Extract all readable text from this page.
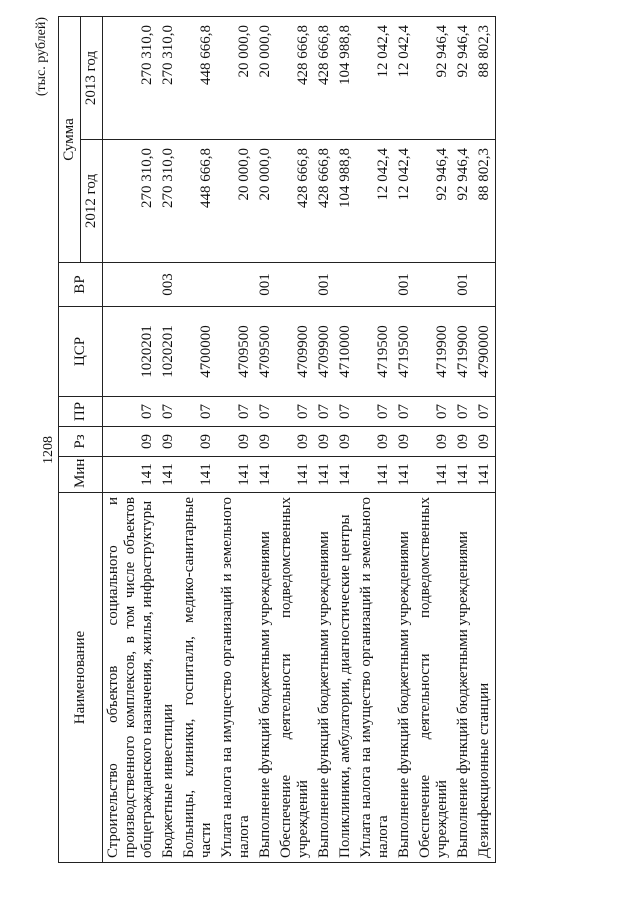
1208
(тыс. рублей)
Наименование	Мин	Рз	ПР	ЦСР	ВР	Сумма	
						2012 год	2013 год
Строительство объектов социального и производственного комплексов, в том числе объектов общегражданского назначения, жилья, инфраструктуры	141	09	07	1020201		270 310,0	270 310,0
Бюджетные инвестиции	141	09	07	1020201	003	270 310,0	270 310,0
Больницы, клиники, госпитали, медико-санитарные части	141	09	07	4700000		448 666,8	448 666,8
Уплата налога на имущество организаций и земельного налога	141	09	07	4709500		20 000,0	20 000,0
Выполнение функций бюджетными учреждениями	141	09	07	4709500	001	20 000,0	20 000,0
Обеспечение деятельности подведомственных учреждений	141	09	07	4709900		428 666,8	428 666,8
Выполнение функций бюджетными учреждениями	141	09	07	4709900	001	428 666,8	428 666,8
Поликлиники, амбулатории, диагностические центры	141	09	07	4710000		104 988,8	104 988,8
Уплата налога на имущество организаций и земельного налога	141	09	07	4719500		12 042,4	12 042,4
Выполнение функций бюджетными учреждениями	141	09	07	4719500	001	12 042,4	12 042,4
Обеспечение деятельности подведомственных учреждений	141	09	07	4719900		92 946,4	92 946,4
Выполнение функций бюджетными учреждениями	141	09	07	4719900	001	92 946,4	92 946,4
Дезинфекционные станции	141	09	07	4790000		88 802,3	88 802,3
